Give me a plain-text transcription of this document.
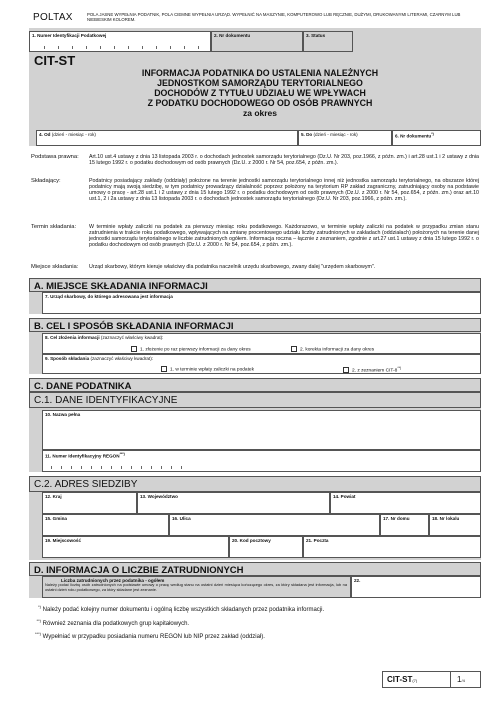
POLTAX	POLA JASNE WYPEŁNIA PODATNIK, POLA CIEMNE WYPEŁNIA URZĄD. WYPEŁNIĆ NA MASZYNIE, KOMPUTEROWO LUB RĘCZNIE, DUŻYMI, DRUKOWANYMI LITERAMI, CZARNYM LUB NIEBIESKIM KOLOREM.
1. Numer Identyfikacji Podatkowej	2. Nr dokumentu	3. Status
CIT-ST
INFORMACJA PODATNIKA DO USTALENIA NALEŻNYCH
JEDNOSTKOM SAMORZĄDU TERYTORIALNEGO
DOCHODÓW Z TYTUŁU UDZIAŁU WE WPŁYWACH
Z PODATKU DOCHODOWEGO OD OSÓB PRAWNYCH
za okres
4. Od (dzień - miesiąc - rok)	5. Do (dzień - miesiąc - rok)	6. Nr dokumentu*)
Podstawa prawna:	Art.10 ust.4 ustawy z dnia 13 listopada 2003 r. o dochodach jednostek samorządu terytorialnego (Dz.U. Nr 203, poz.1966, z późn. zm.) i art.28 ust.1 i 2 ustawy z dnia 15 lutego 1992 r. o podatku dochodowym od osób prawnych (Dz.U. z 2000 r. Nr 54, poz.654, z późn. zm.).
Składający:	Podatnicy posiadający zakłady (oddziały) położone na terenie jednostki samorządu terytorialnego innej niż jednostka samorządu terytorialnego, na obszarze której podatnicy mają swoją siedzibę, w tym podatnicy prowadzący działalność poprzez położony na terytorium RP zakład zagraniczny, zatrudniający osoby na podstawie umowy o pracę - art.28 ust.1 i 2 ustawy z dnia 15 lutego 1992 r. o podatku dochodowym od osób prawnych (Dz.U. z 2000 r. Nr 54, poz.654, z późn. zm.) oraz art.10 ust.1, 2 i 2a ustawy z dnia 13 listopada 2003 r. o dochodach jednostek samorządu terytorialnego (Dz.U. Nr 203, poz.1966, z późn. zm.).
Termin składania:	W terminie wpłaty zaliczki na podatek za pierwszy miesiąc roku podatkowego. Każdorazowo, w terminie wpłaty zaliczki na podatek w przypadku zmian stanu zatrudnienia w trakcie roku podatkowego, wpływających na zmianę procentowego udziału liczby zatrudnionych w zakładach (oddziałach) położonych na terenie danej jednostki samorządu terytorialnego w liczbie zatrudnionych ogółem. Informacja roczna – łącznie z zeznaniem, zgodnie z art.27 ust.1 ustawy z dnia 15 lutego 1992 r. o podatku dochodowym od osób prawnych (Dz.U. z 2000 r. Nr 54, poz.654, z późn. zm.).
Miejsce składania:	Urząd skarbowy, którym kieruje właściwy dla podatnika naczelnik urzędu skarbowego, zwany dalej "urzędem skarbowym".
A. MIEJSCE SKŁADANIA INFORMACJI
7. Urząd skarbowy, do którego adresowana jest informacja
B. CEL I SPOSÓB SKŁADANIA INFORMACJI
8. Cel złożenia informacji (zaznaczyć właściwy kwadrat):
1. złożenie po raz pierwszy informacji za dany okres	2. korekta informacji za dany okres
9. Sposób składania (zaznaczyć właściwy kwadrat):
1. w terminie wpłaty zaliczki na podatek	2. z zeznaniem CIT-8**)
C. DANE PODATNIKA
C.1. DANE IDENTYFIKACYJNE
10. Nazwa pełna
11. Numer Identyfikacyjny REGON***)
C.2. ADRES SIEDZIBY
12. Kraj	13. Województwo	14. Powiat
15. Gmina	16. Ulica	17. Nr domu	18. Nr lokalu
19. Miejscowość	20. Kod pocztowy	21. Poczta
D. INFORMACJA O LICZBIE ZATRUDNIONYCH
Liczba zatrudnionych przez podatnika - ogółem
Należy podać liczbę osób zatrudnionych na podstawie umowy o pracę według stanu na ostatni dzień miesiąca kończącego okres, za który składana jest informacja, lub na ostatni dzień roku podatkowego, za który składane jest zeznanie.
22.
*) Należy podać kolejny numer dokumentu i ogólną liczbę wszystkich składanych przez podatnika informacji.
**) Również zeznania dla podatkowych grup kapitałowych.
***) Wypełniać w przypadku posiadania numeru REGON lub NIP przez zakład (oddział).
CIT-ST(7)	1/4
